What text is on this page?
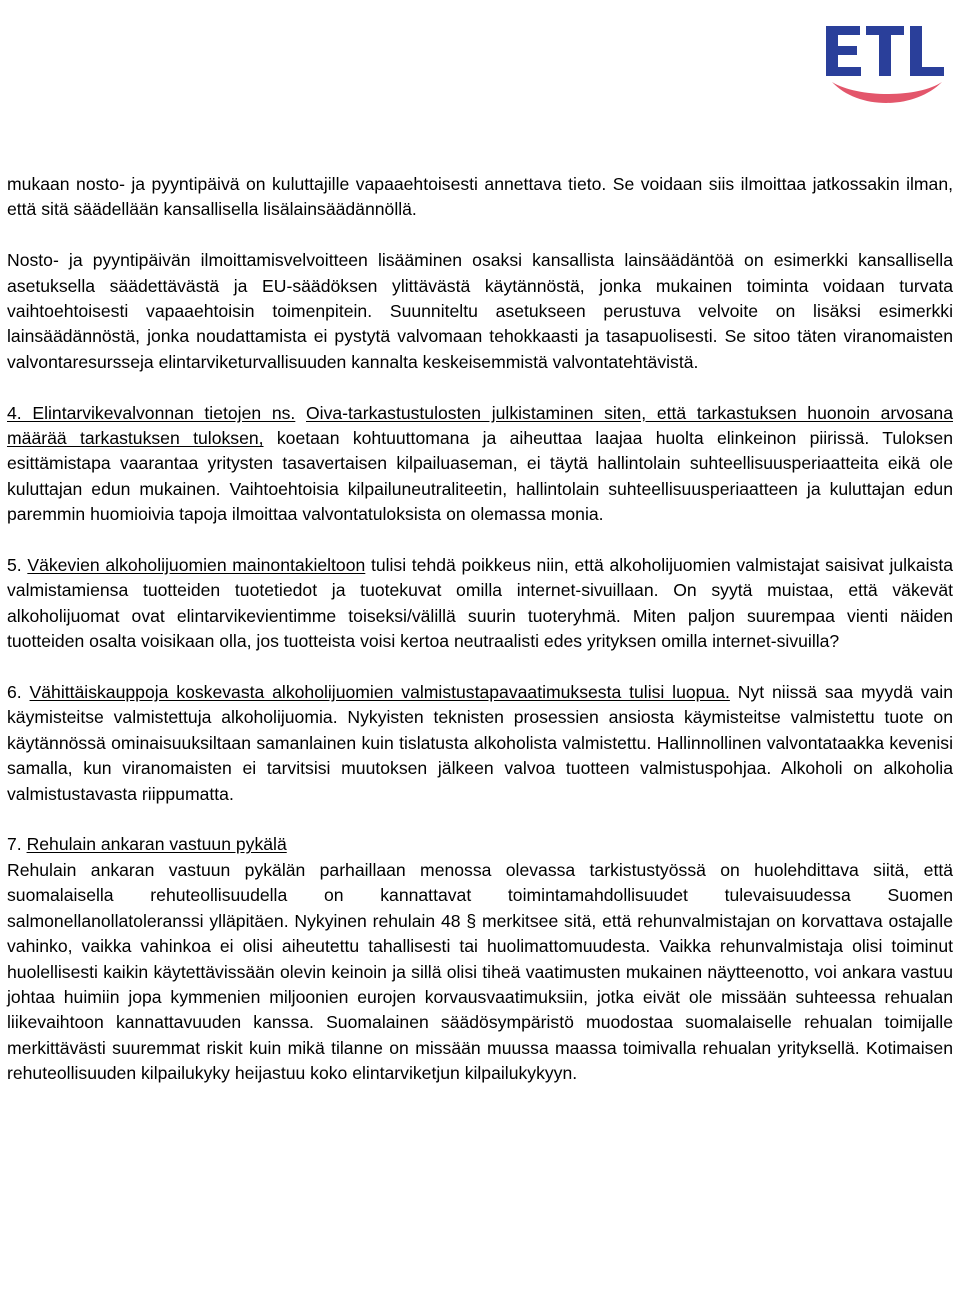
mukaan nosto- ja pyyntipäivä on kuluttajille vapaaehtoisesti annettava tieto. Se voidaan siis ilmoittaa jatkossakin ilman, että sitä säädellään kansallisella lisälainsäädännöllä.

Nosto- ja pyyntipäivän ilmoittamisvelvoitteen lisääminen osaksi kansallista lainsäädäntöä on esimerkki kansallisella asetuksella säädettävästä ja EU-säädöksen ylittävästä käytännöstä, jonka mukainen toiminta voidaan turvata vaihtoehtoisesti vapaaehtoisin toimenpitein. Suunniteltu asetukseen perustuva velvoite on lisäksi esimerkki lainsäädännöstä, jonka noudattamista ei pystytä valvomaan tehokkaasti ja tasapuolisesti. Se sitoo täten viranomaisten valvontaresursseja elintarviketurvallisuuden kannalta keskeisemmistä valvontatehtävistä.

4. Elintarvikevalvonnan tietojen ns. Oiva-tarkastustulosten julkistaminen siten, että tarkastuksen huonoin arvosana määrää tarkastuksen tuloksen, koetaan kohtuuttomana ja aiheuttaa laajaa huolta elinkeinon piirissä. Tuloksen esittämistapa vaarantaa yritysten tasavertaisen kilpailuaseman, ei täytä hallintolain suhteellisuusperiaatteita eikä ole kuluttajan edun mukainen. Vaihtoehtoisia kilpailuneutraliteetin, hallintolain suhteellisuusperiaatteen ja kuluttajan edun paremmin huomioivia tapoja ilmoittaa valvontatuloksista on olemassa monia.

5. Väkevien alkoholijuomien mainontakieltoon tulisi tehdä poikkeus niin, että alkoholijuomien valmistajat saisivat julkaista valmistamiensa tuotteiden tuotetiedot ja tuotekuvat omilla internet-sivuillaan. On syytä muistaa, että väkevät alkoholijuomat ovat elintarvikevientimme toiseksi/välillä suurin tuoteryhmä. Miten paljon suurempaa vienti näiden tuotteiden osalta voisikaan olla, jos tuotteista voisi kertoa neutraalisti edes yrityksen omilla internet-sivuilla?

6. Vähittäiskauppoja koskevasta alkoholijuomien valmistustapavaatimuksesta tulisi luopua. Nyt niissä saa myydä vain käymisteitse valmistettuja alkoholijuomia. Nykyisten teknisten prosessien ansiosta käymisteitse valmistettu tuote on käytännössä ominaisuuksiltaan samanlainen kuin tislatusta alkoholista valmistettu. Hallinnollinen valvontataakka kevenisi samalla, kun viranomaisten ei tarvitsisi muutoksen jälkeen valvoa tuotteen valmistuspohjaa. Alkoholi on alkoholia valmistustavasta riippumatta.

7. Rehulain ankaran vastuun pykälä
Rehulain ankaran vastuun pykälän parhaillaan menossa olevassa tarkistustyössä on huolehdittava siitä, että suomalaisella rehuteollisuudella on kannattavat toimintamahdollisuudet tulevaisuudessa Suomen salmonellanollatoleranssi ylläpitäen. Nykyinen rehulain 48 § merkitsee sitä, että rehunvalmistajan on korvattava ostajalle vahinko, vaikka vahinkoa ei olisi aiheutettu tahallisesti tai huolimattomuudesta. Vaikka rehunvalmistaja olisi toiminut huolellisesti kaikin käytettävissään olevin keinoin ja sillä olisi tiheä vaatimusten mukainen näytteenotto, voi ankara vastuu johtaa huimiin jopa kymmenien miljoonien eurojen korvausvaatimuksiin, jotka eivät ole missään suhteessa rehualan liikevaihtoon kannattavuuden kanssa. Suomalainen säädösympäristö muodostaa suomalaiselle rehualan toimijalle merkittävästi suuremmat riskit kuin mikä tilanne on missään muussa maassa toimivalla rehualan yrityksellä. Kotimaisen rehuteollisuuden kilpailukyky heijastuu koko elintarviketjun kilpailukykyyn.
